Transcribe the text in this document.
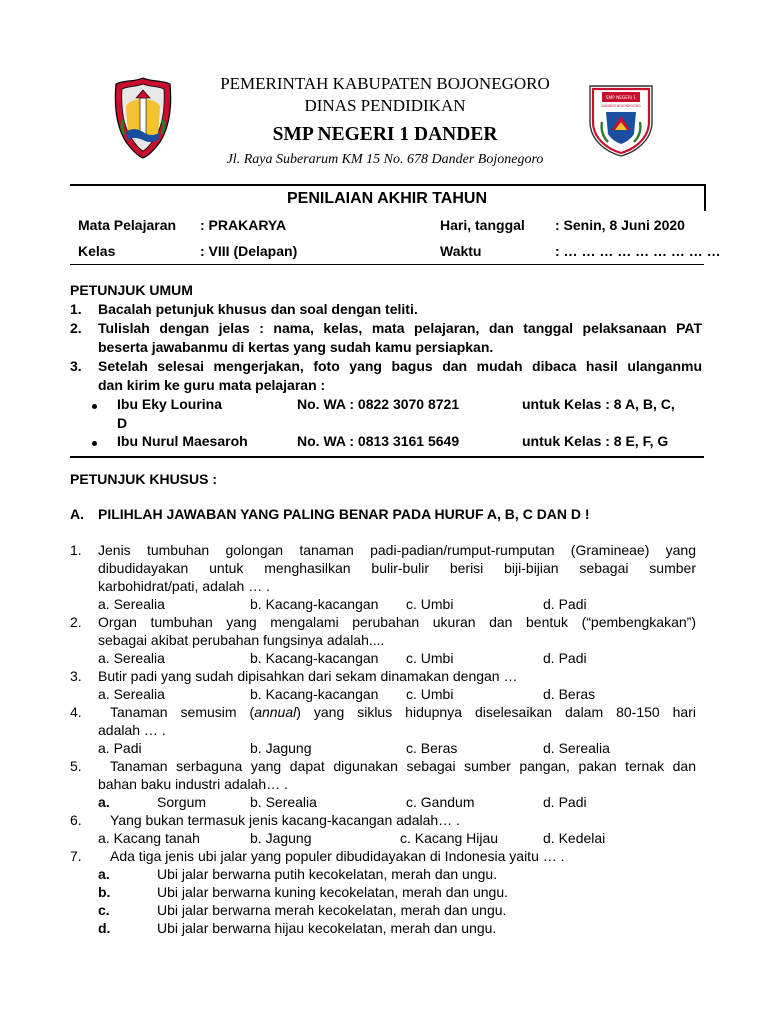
SMP NEGERI 1
DANDER BOJONEGORO
PEMERINTAH KABUPATEN BOJONEGORO
DINAS PENDIDIKAN
SMP NEGERI 1 DANDER
Jl. Raya Suberarum KM 15 No. 678 Dander Bojonegoro
PENILAIAN AKHIR TAHUN
Mata Pelajaran : PRAKARYA	Hari, tanggal : Senin, 8 Juni 2020
Kelas	: VIII (Delapan)	Waktu	: … … … … … … … … …
PETUNJUK UMUM
1. Bacalah petunjuk khusus dan soal dengan teliti.
2. Tulislah dengan jelas : nama, kelas, mata pelajaran, dan tanggal pelaksanaan PAT
beserta jawabanmu di kertas yang sudah kamu persiapkan.
3. Setelah selesai mengerjakan, foto yang bagus dan mudah dibaca hasil ulanganmu
dan kirim ke guru mata pelajaran :
Ibu Eky Lourina	No. WA : 0822 3070 8721	untuk Kelas : 8 A, B, C,
D
Ibu Nurul Maesaroh	No. WA : 0813 3161 5649	untuk Kelas : 8 E, F, G
PETUNJUK KHUSUS :
A. PILIHLAH JAWABAN YANG PALING BENAR PADA HURUF A, B, C DAN D !
1. Jenis tumbuhan golongan tanaman padi-padian/rumput-rumputan (Gramineae) yang
dibudidayakan untuk menghasilkan bulir-bulir berisi biji-bijian sebagai sumber
karbohidrat/pati, adalah … .
a. Serealia	b. Kacang-kacangan c. Umbi	d. Padi
2. Organ tumbuhan yang mengalami perubahan ukuran dan bentuk (“pembengkakan”)
sebagai akibat perubahan fungsinya adalah....
a. Serealia	b. Kacang-kacangan c. Umbi	d. Padi
3. Butir padi yang sudah dipisahkan dari sekam dinamakan dengan …
a. Serealia	b. Kacang-kacangan c. Umbi	d. Beras
4. Tanaman semusim (annual) yang siklus hidupnya diselesaikan dalam 80-150 hari
adalah … .
a. Padi	b. Jagung	c. Beras	d. Serealia
5. Tanaman serbaguna yang dapat digunakan sebagai sumber pangan, pakan ternak dan
bahan baku industri adalah… .
a.	Sorgum	b. Serealia	c. Gandum	d. Padi
6. Yang bukan termasuk jenis kacang-kacangan adalah… .
a. Kacang tanah	b. Jagung	c. Kacang Hijau	d. Kedelai
7. Ada tiga jenis ubi jalar yang populer dibudidayakan di Indonesia yaitu … .
a.	Ubi jalar berwarna putih kecokelatan, merah dan ungu.
b.	Ubi jalar berwarna kuning kecokelatan, merah dan ungu.
c.	Ubi jalar berwarna merah kecokelatan, merah dan ungu.
d.	Ubi jalar berwarna hijau kecokelatan, merah dan ungu.
